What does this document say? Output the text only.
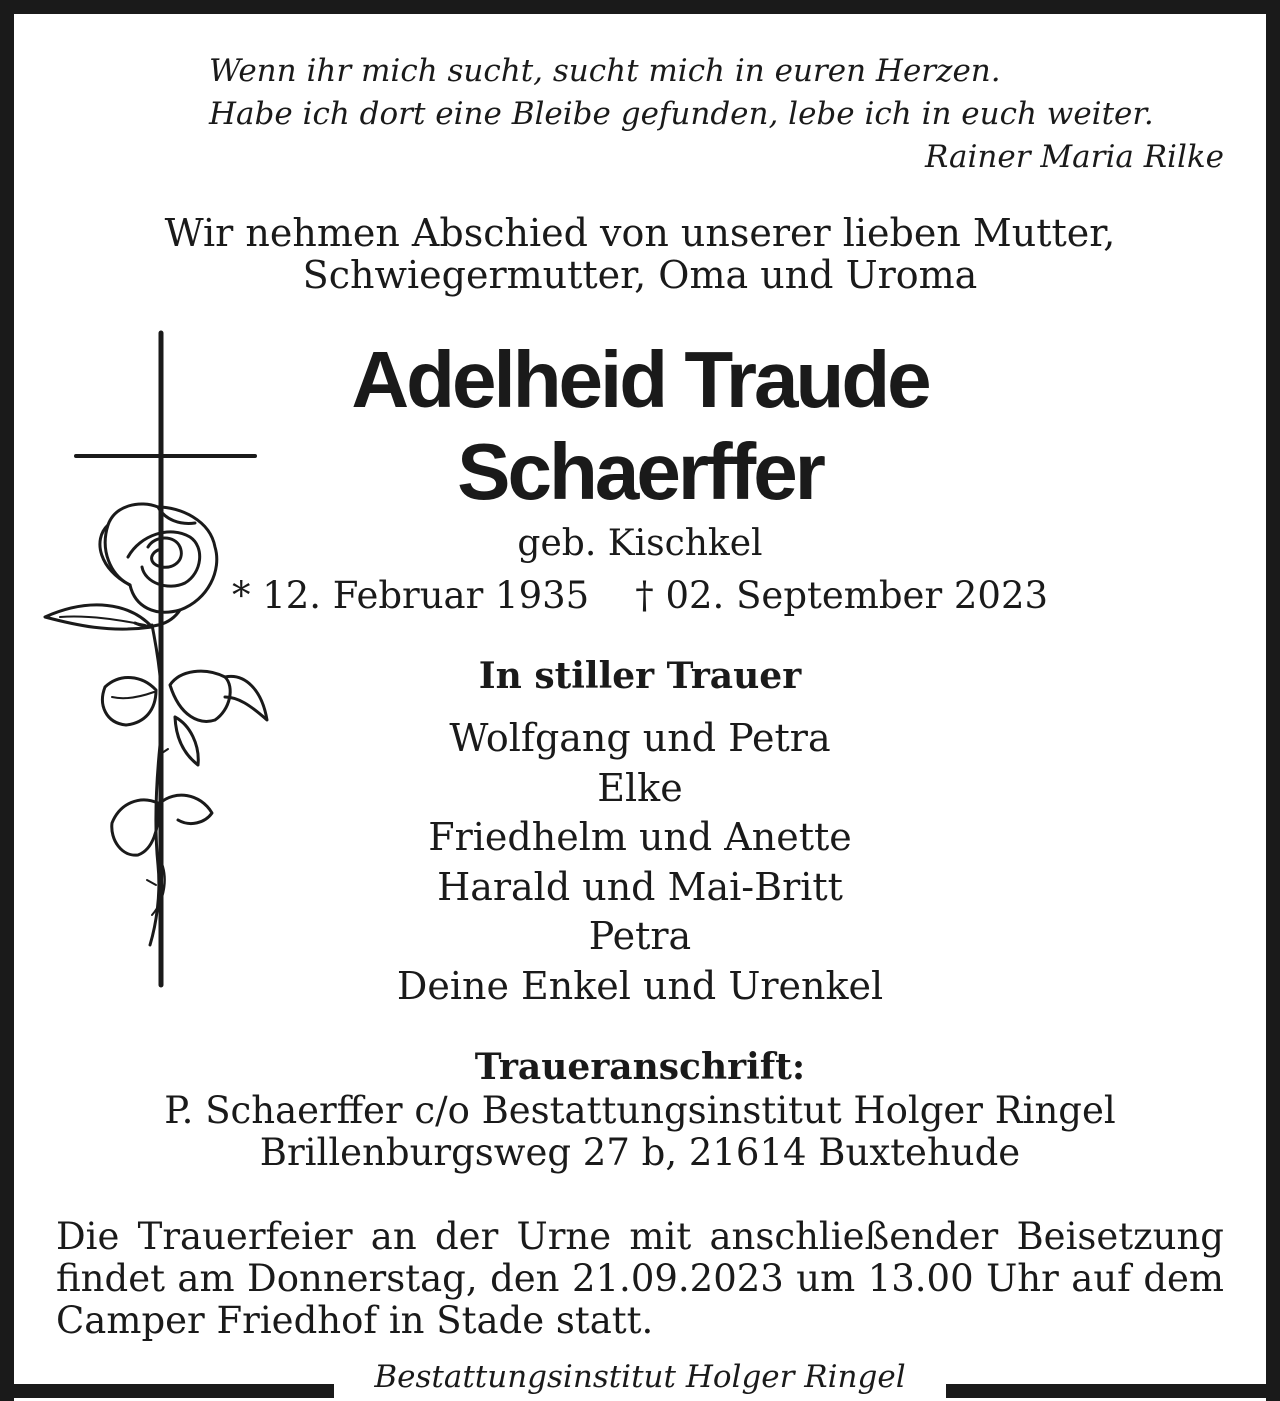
Wenn ihr mich sucht, sucht mich in euren Herzen.
Habe ich dort eine Bleibe gefunden, lebe ich in euch weiter.
Rainer Maria Rilke
Wir nehmen Abschied von unserer lieben Mutter,
Schwiegermutter, Oma und Uroma
Adelheid Traude
Schaerffer
geb. Kischkel
* 12. Februar 1935 † 02. September 2023
In stiller Trauer
Wolfgang und Petra
Elke
Friedhelm und Anette
Harald und Mai-Britt
Petra
Deine Enkel und Urenkel
Traueranschrift:
P. Schaerffer c/o Bestattungsinstitut Holger Ringel
Brillenburgsweg 27 b, 21614 Buxtehude
Die Trauerfeier an der Urne mit anschließender Beisetzung findet am Donnerstag, den 21.09.2023 um 13.00 Uhr auf dem Camper Friedhof in Stade statt.
Bestattungsinstitut Holger Ringel
